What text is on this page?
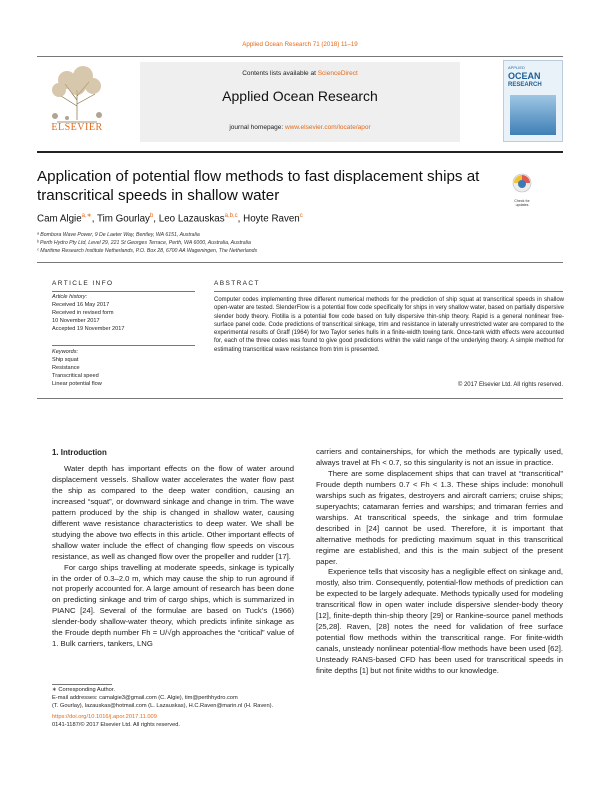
Applied Ocean Research 71 (2018) 11–19
ELSEVIER
Contents lists available at ScienceDirect
Applied Ocean Research
journal homepage: www.elsevier.com/locate/apor
APPLIED
OCEAN
RESEARCH
Application of potential flow methods to fast displacement ships at transcritical speeds in shallow water	Check for updates
Cam Algie$^{a,∗}$, Tim Gourlay$^b$, Leo Lazauskas$^{a,b,c}$, Hoyte Raven$^c$
ᵃ Bombora Wave Power, 9 De Laeter Way, Bentley, WA 6151, Australia
ᵇ Perth Hydro Pty Ltd, Level 29, 221 St Georges Terrace, Perth, WA 6000, Australia, Australia
ᶜ Maritime Research Institute Netherlands, P.O. Box 28, 6700 AA Wageningen, The Netherlands
ARTICLE INFO
Article history:
Received 16 May 2017
Received in revised form
10 November 2017
Accepted 19 November 2017
Keywords:
Ship squat
Resistance
Transcritical speed
Linear potential flow
ABSTRACT
Computer codes implementing three different numerical methods for the prediction of ship squat at transcritical speeds in shallow open-water are tested. SlenderFlow is a potential flow code specifically for ships in very shallow water, based on partially dispersive slender body theory. Flotilla is a potential flow code based on fully dispersive thin-ship theory. Rapid is a general nonlinear free-surface panel code. Code predictions of transcritical sinkage, trim and resistance in laterally unrestricted water are compared to the experimental results of Graff (1964) for two Taylor series hulls in a finite-width towing tank. Once-tank width effects were accounted for, each of the three codes was found to give good predictions within the valid range of the underlying theory. A simple method for estimating transcritical wave resistance from trim is presented.
© 2017 Elsevier Ltd. All rights reserved.
1. Introduction

Water depth has important effects on the flow of water around displacement vessels. Shallow water accelerates the water flow past the ship as compared to the deep water condition, causing an increased “squat”, or downward sinkage and change in trim. The wave pattern produced by the ship is changed in shallow water, causing different wave resistance characteristics to deep water. We shall be studying the above two effects in this article. Other important effects of shallow water include the effect of changing flow speeds on viscous resistance, as well as changed flow over the propeller and rudder [17].

For cargo ships travelling at moderate speeds, sinkage is typically in the order of 0.3–2.0 m, which may cause the ship to run aground if not properly accounted for. A large amount of research has been done on predicting sinkage and trim of cargo ships, which is summarized in PIANC [24]. Several of the formulae are based on Tuck’s (1966) slender-body shallow-water theory, which predicts infinite sinkage as the Froude depth number Fh = U/√gh approaches the “critical” value of 1. Bulk carriers, tankers, LNG

carriers and containerships, for which the methods are typically used, always travel at Fh < 0.7, so this singularity is not an issue in practice.

There are some displacement ships that can travel at “transcritical” Froude depth numbers 0.7 < Fh < 1.3. These ships include: monohull warships such as frigates, destroyers and aircraft carriers; cruise ships; superyachts; catamaran ferries and warships; and trimaran ferries and warships. At transcritical speeds, the sinkage and trim formulae described in [24] cannot be used. Therefore, it is important that alternative methods for predicting maximum squat in this transcritical regime are established, and this is the main subject of the present paper.

Experience tells that viscosity has a negligible effect on sinkage and, mostly, also trim. Consequently, potential-flow methods of prediction can be expected to be largely adequate. Methods typically used for modeling transcritical flow in open water include dispersive slender-body theory [12], finite-depth thin-ship theory [29] or Rankine-source panel methods [25,28]. Raven, [28] notes the need for validation of free surface potential flow methods within the transcritical range. For finite-width canals, unsteady nonlinear potential-flow methods have been used [62]. Unsteady RANS-based CFD has been used for transcritical speeds in finite depths [1] but not finite widths to our knowledge.

∗ Corresponding Author.
E-mail addresses: camalgie3@gmail.com (C. Algie), tim@perthhydro.com
(T. Gourlay), lazauskas@hotmail.com (L. Lazauskas), H.C.Raven@marin.nl (H. Raven).
https://doi.org/10.1016/j.apor.2017.11.009
0141-1187/© 2017 Elsevier Ltd. All rights reserved.
